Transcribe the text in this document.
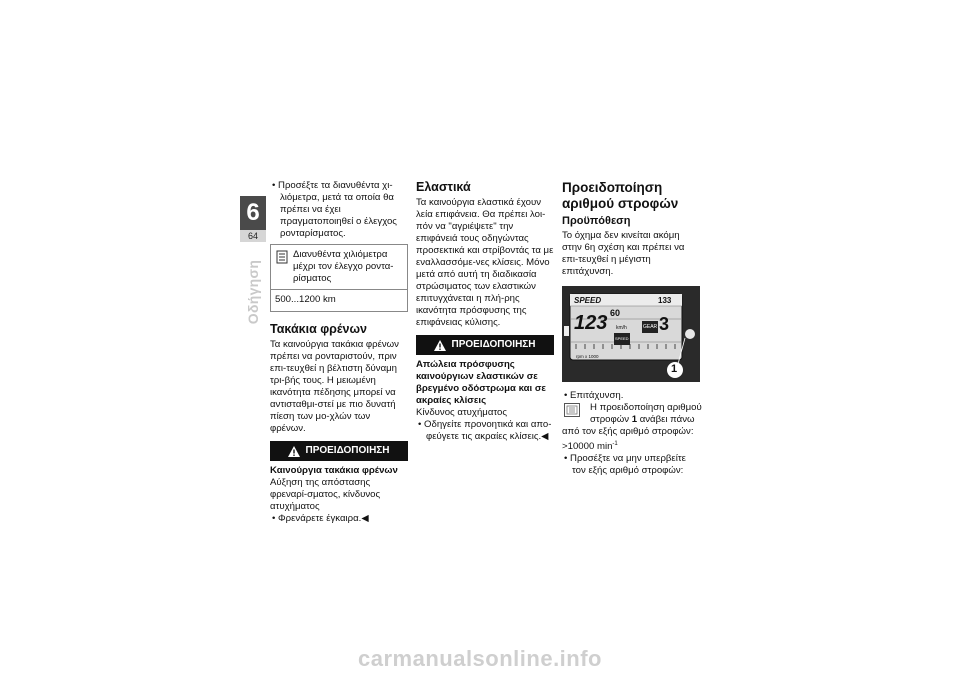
6
64
Οδήγηση

• Προσέξτε τα διανυθέντα χι-λιόμετρα, μετά τα οποία θα πρέπει να έχει πραγματοποιηθεί ο έλεγχος ρονταρίσματος.

Διανυθέντα χιλιόμετρα μέχρι τον έλεγχο ροντα-ρίσματος

500...1200 km
Τακάκια φρένων

Τα καινούργια τακάκια φρένων πρέπει να ρονταριστούν, πριν επι-τευχθεί η βέλτιστη δύναμη τρι-βής τους. Η μειωμένη ικανότητα πέδησης μπορεί να αντισταθμι-στεί με πιο δυνατή πίεση των μο-χλών των φρένων.

ΠΡΟΕΙΔΟΠΟΙΗΣΗ

Καινούργια τακάκια φρένων

Αύξηση της απόστασης φρεναρί-σματος, κίνδυνος ατυχήματος

• Φρενάρετε έγκαιρα.◀

Ελαστικά

Τα καινούργια ελαστικά έχουν λεία επιφάνεια. Θα πρέπει λοι-πόν να "αγριέψετε" την επιφάνειά τους οδηγώντας προσεκτικά και στρίβοντάς τα με εναλλασσόμε-νες κλίσεις. Μόνο μετά από αυτή τη διαδικασία στρώσιματος των ελαστικών επιτυγχάνεται η πλή-ρης ικανότητα πρόσφυσης της επιφάνειας κύλισης.

ΠΡΟΕΙΔΟΠΟΙΗΣΗ

Απώλεια πρόσφυσης καινούργιων ελαστικών σε βρεγμένο οδόστρωμα και σε ακραίες κλίσεις

Κίνδυνος ατυχήματος

• Οδηγείτε προνοητικά και απο-φεύγετε τις ακραίες κλίσεις.◀

Προειδοποίηση αριθμού στροφών
Προϋπόθεση

Το όχημα δεν κινείται ακόμη στην 6η σχέση και πρέπει να επι-τευχθεί η μέγιστη επιτάχυνση.

SPEED	133
60
123 km/h	GEAR 3
SPEED
rpm x 1000
1

• Επιτάχυνση.

Η προειδοποίηση αριθμού στροφών 1 ανάβει πάνω

από τον εξής αριθμό στροφών:

>10000 $\min^{-1}$

• Προσέξτε να μην υπερβείτε τον εξής αριθμό στροφών:

carmanualsonline.info
